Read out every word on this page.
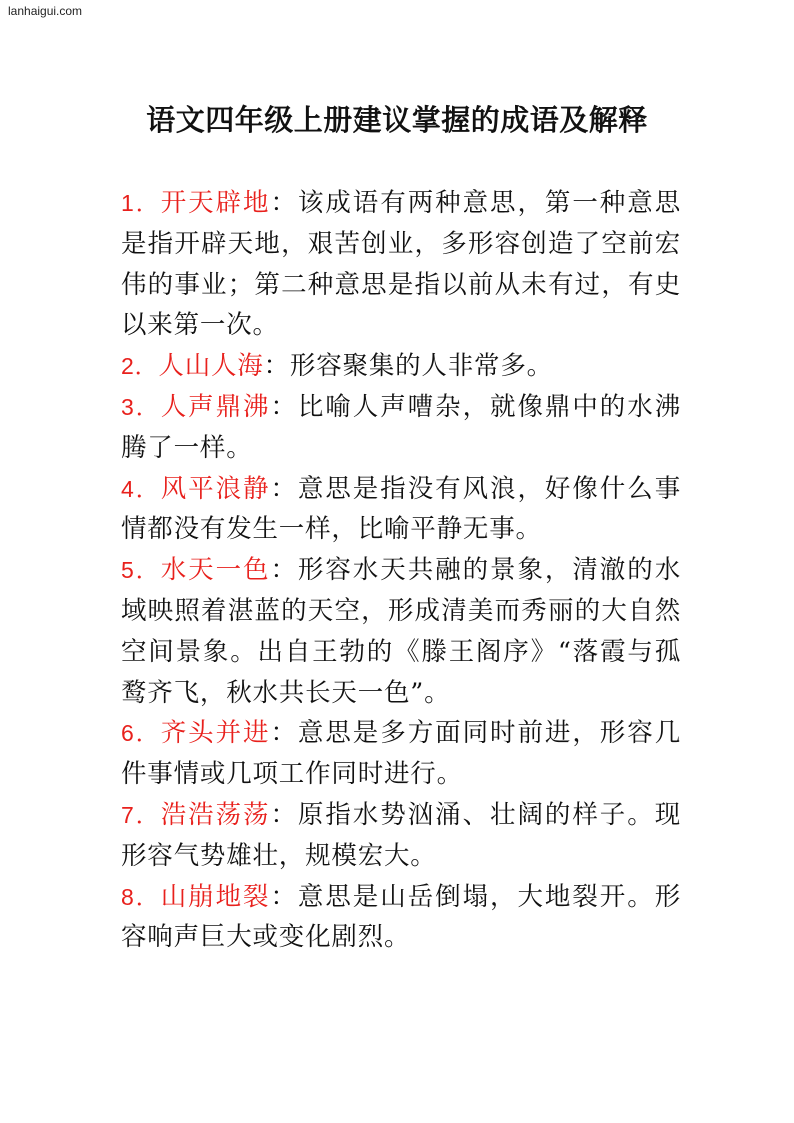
lanhaigui.com
语文四年级上册建议掌握的成语及解释

1．开天辟地：该成语有两种意思，第一种意思是指开辟天地，艰苦创业，多形容创造了空前宏伟的事业；第二种意思是指以前从未有过，有史以来第一次。

2．人山人海：形容聚集的人非常多。

3．人声鼎沸：比喻人声嘈杂，就像鼎中的水沸腾了一样。

4．风平浪静：意思是指没有风浪，好像什么事情都没有发生一样，比喻平静无事。

5．水天一色：形容水天共融的景象，清澈的水域映照着湛蓝的天空，形成清美而秀丽的大自然空间景象。出自王勃的《滕王阁序》“落霞与孤鹜齐飞，秋水共长天一色”。

6．齐头并进：意思是多方面同时前进，形容几件事情或几项工作同时进行。

7．浩浩荡荡：原指水势汹涌、壮阔的样子。现形容气势雄壮，规模宏大。

8．山崩地裂：意思是山岳倒塌，大地裂开。形容响声巨大或变化剧烈。
